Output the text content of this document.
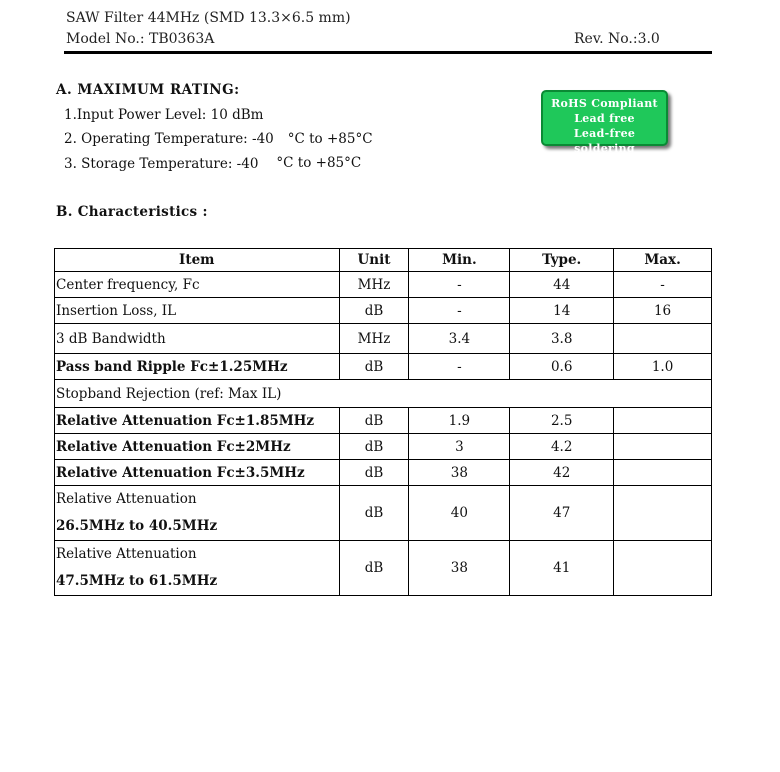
SAW Filter 44MHz (SMD 13.3×6.5 mm)
Model No.: TB0363A	Rev. No.:3.0
A. MAXIMUM RATING:
1.Input Power Level: 10 dBm
2. Operating Temperature: -40 °C to +85°C
3. Storage Temperature: -40 °C to +85°C
RoHS Compliant
Lead free
Lead-free soldering
B. Characteristics :
Item	Unit	Min.	Type.	Max.
Center frequency, Fc	MHz	-	44	-
Insertion Loss, IL	dB	-	14	16
3 dB Bandwidth	MHz	3.4	3.8	
Pass band Ripple Fc±1.25MHz	dB	-	0.6	1.0
Stopband Rejection (ref: Max IL)				
Relative Attenuation Fc±1.85MHz	dB	1.9	2.5	
Relative Attenuation Fc±2MHz	dB	3	4.2	
Relative Attenuation Fc±3.5MHz	dB	38	42	

Relative Attenuation
26.5MHz to 40.5MHz	dB	40	47	

Relative Attenuation
47.5MHz to 61.5MHz	dB	38	41	
